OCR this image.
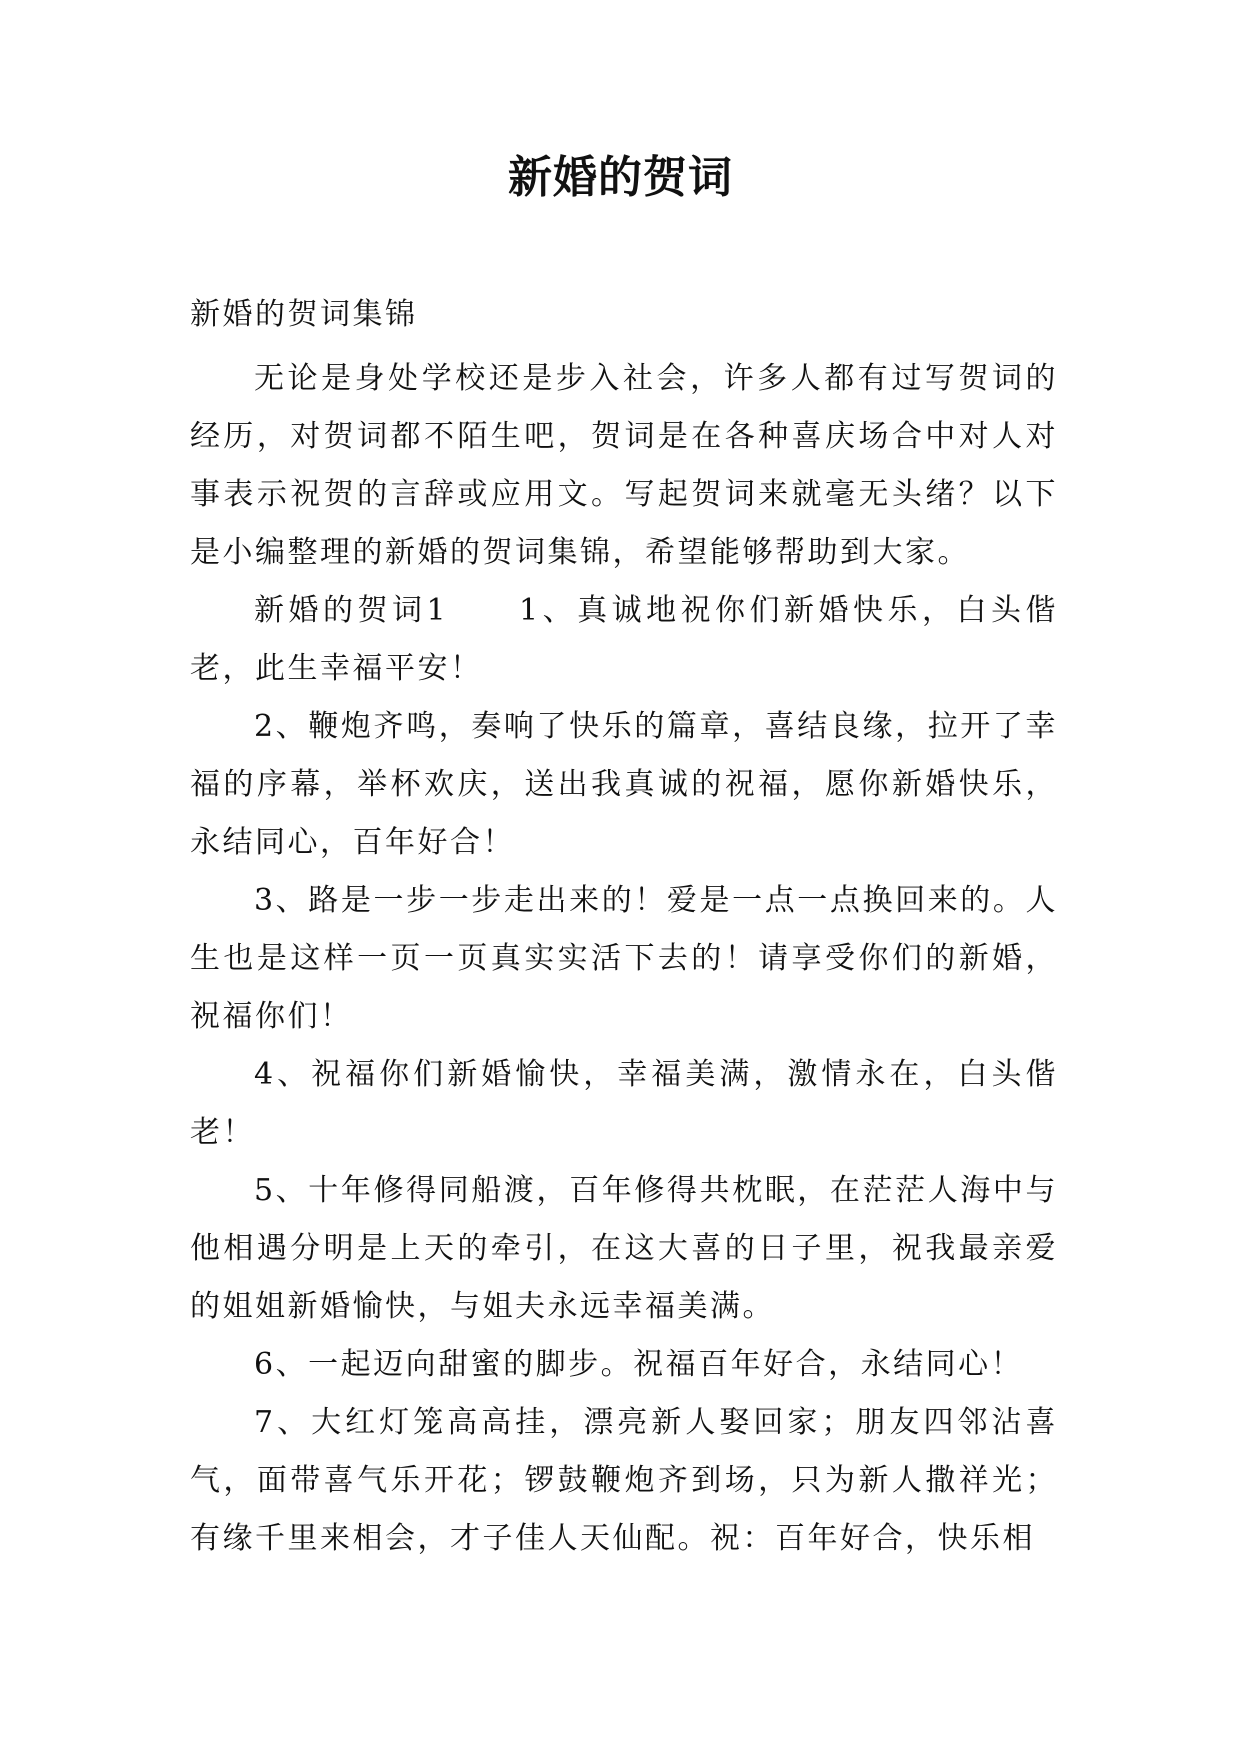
新婚的贺词

新婚的贺词集锦

无论是身处学校还是步入社会，许多人都有过写贺词的经历，对贺词都不陌生吧，贺词是在各种喜庆场合中对人对事表示祝贺的言辞或应用文。写起贺词来就毫无头绪？以下是小编整理的新婚的贺词集锦，希望能够帮助到大家。

新婚的贺词1　　1、真诚地祝你们新婚快乐，白头偕老，此生幸福平安！

2、鞭炮齐鸣，奏响了快乐的篇章，喜结良缘，拉开了幸福的序幕，举杯欢庆，送出我真诚的祝福，愿你新婚快乐，永结同心，百年好合！

3、路是一步一步走出来的！爱是一点一点换回来的。人生也是这样一页一页真实实活下去的！请享受你们的新婚，祝福你们！

4、祝福你们新婚愉快，幸福美满，激情永在，白头偕老！

5、十年修得同船渡，百年修得共枕眠，在茫茫人海中与他相遇分明是上天的牵引，在这大喜的日子里，祝我最亲爱的姐姐新婚愉快，与姐夫永远幸福美满。

6、一起迈向甜蜜的脚步。祝福百年好合，永结同心！

7、大红灯笼高高挂，漂亮新人娶回家；朋友四邻沾喜气，面带喜气乐开花；锣鼓鞭炮齐到场，只为新人撒祥光；有缘千里来相会，才子佳人天仙配。祝：百年好合，快乐相
